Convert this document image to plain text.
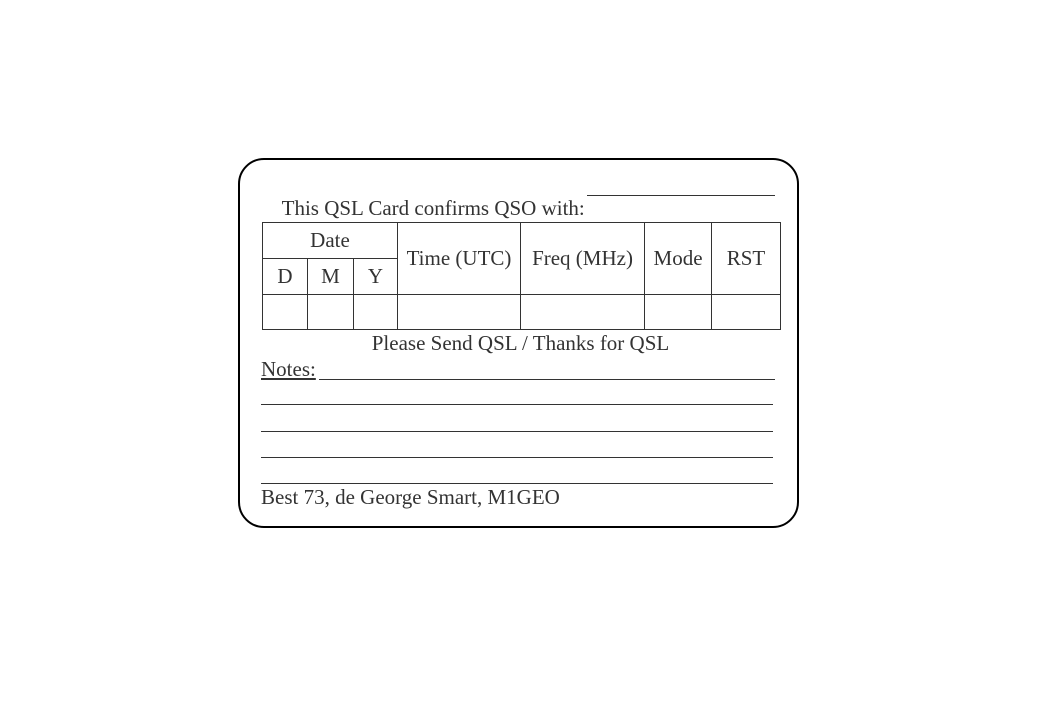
This QSL Card confirms QSO with:

Date			Time (UTC)	Freq (MHz)	Mode	RST
D	M	Y				

Please Send QSL / Thanks for QSL
Notes:
Best 73, de George Smart, M1GEO
